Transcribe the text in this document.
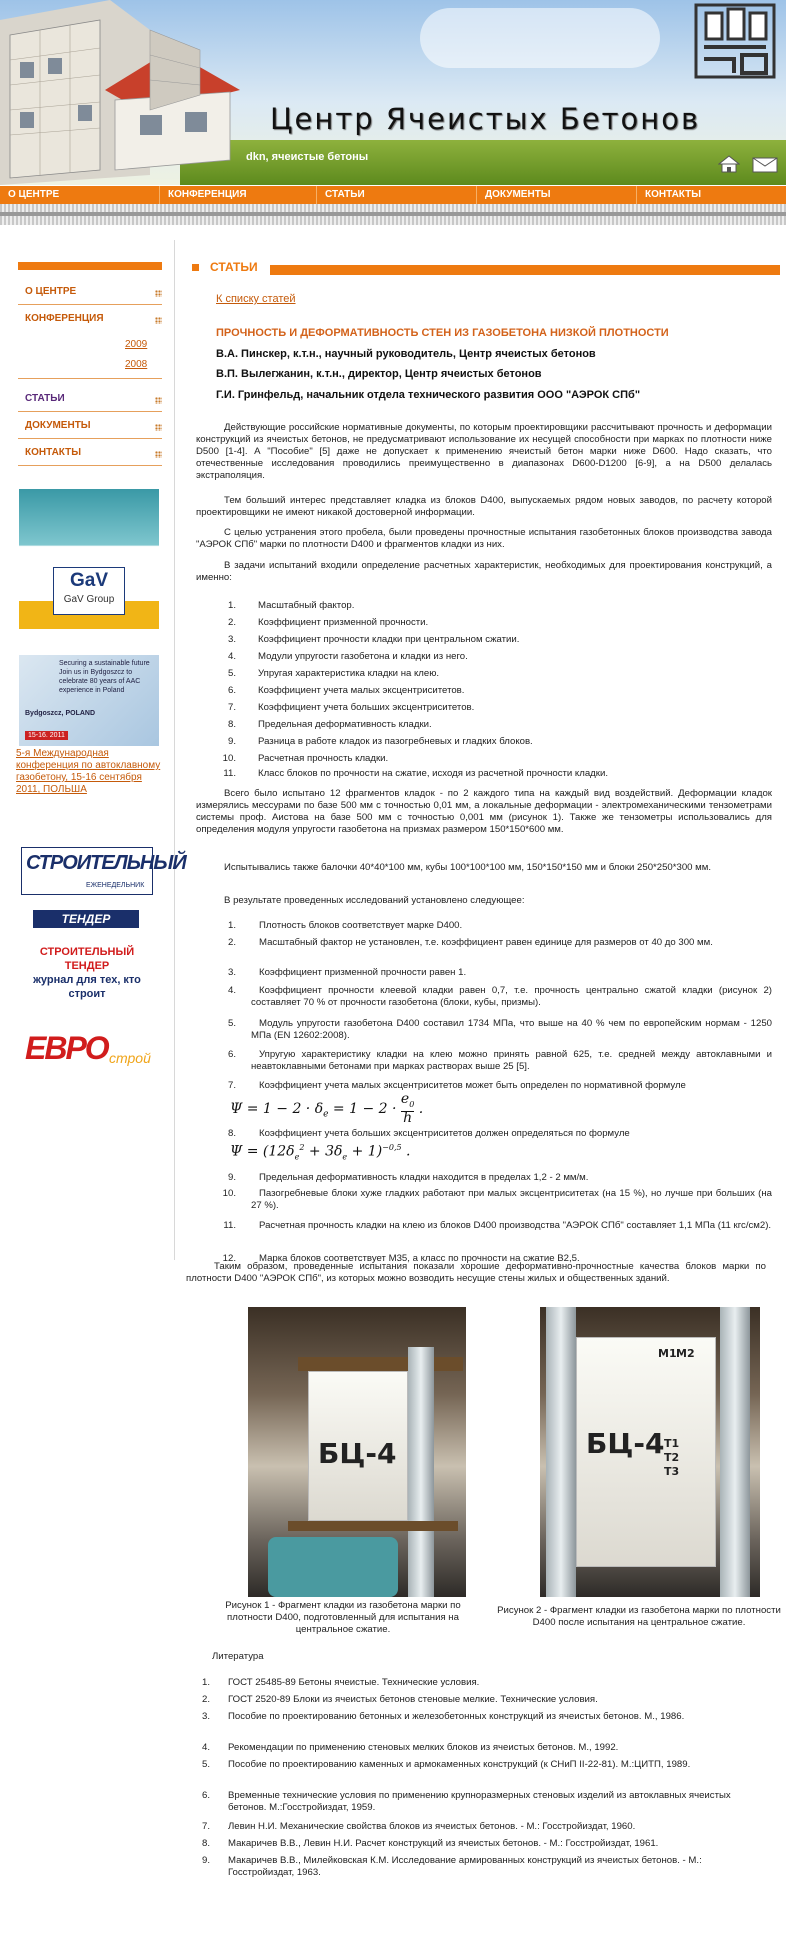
Центр Ячеистых Бетонов
dkn, ячеистые бетоны
О ЦЕНТРЕ	КОНФЕРЕНЦИЯ	СТАТЬИ	ДОКУМЕНТЫ	КОНТАКТЫ
О ЦЕНТРЕ
КОНФЕРЕНЦИЯ
2009
2008
СТАТЬИ
ДОКУМЕНТЫ
КОНТАКТЫ
GaV
GaV Group
Securing a sustainable future Join us in Bydgoszcz to celebrate 80 years of AAC experience in Poland
Bydgoszcz, POLAND
15-16. 2011
5-я Международная конференция по автоклавному газобетону, 15-16 сентября 2011, ПОЛЬША
СТРОИТЕЛЬНЫЙ
ЕЖЕНЕДЕЛЬНИК
ТЕНДЕР
СТРОИТЕЛЬНЫЙ ТЕНДЕР
журнал для тех, кто строит
ЕВРО строй
СТАТЬИ
К списку статей
ПРОЧНОСТЬ И ДЕФОРМАТИВНОСТЬ СТЕН ИЗ ГАЗОБЕТОНА НИЗКОЙ ПЛОТНОСТИ
В.А. Пинскер, к.т.н., научный руководитель, Центр ячеистых бетонов
В.П. Вылегжанин, к.т.н., директор, Центр ячеистых бетонов
Г.И. Гринфельд, начальник отдела технического развития ООО "АЭРОК СПб"
Действующие российские нормативные документы, по которым проектировщики рассчитывают прочность и деформации конструкций из ячеистых бетонов, не предусматривают использование их несущей способности при марках по плотности ниже D500 [1-4]. А "Пособие" [5] даже не допускает к применению ячеистый бетон марки ниже D600. Надо сказать, что отечественные исследования проводились преимущественно в диапазонах D600-D1200 [6-9], а на D500 делалась экстраполяция.
Тем больший интерес представляет кладка из блоков D400, выпускаемых рядом новых заводов, по расчету которой проектировщики не имеют никакой достоверной информации.
С целью устранения этого пробела, были проведены прочностные испытания газобетонных блоков производства завода "АЭРОК СПб" марки по плотности D400 и фрагментов кладки из них.
В задачи испытаний входили определение расчетных характеристик, необходимых для проектирования конструкций, а именно:
1. Масштабный фактор.
2. Коэффициент призменной прочности.
3. Коэффициент прочности кладки при центральном сжатии.
4. Модули упругости газобетона и кладки из него.
5. Упругая характеристика кладки на клею.
6. Коэффициент учета малых эксцентриситетов.
7. Коэффициент учета больших эксцентриситетов.
8. Предельная деформативность кладки.
9. Разница в работе кладок из пазогребневых и гладких блоков.
10. Расчетная прочность кладки.
11. Класс блоков по прочности на сжатие, исходя из расчетной прочности кладки.
Всего было испытано 12 фрагментов кладок - по 2 каждого типа на каждый вид воздействий. Деформации кладок измерялись мессурами по базе 500 мм с точностью 0,01 мм, а локальные деформации - электромеханическими тензометрами системы проф. Аистова на базе 500 мм с точностью 0,001 мм (рисунок 1). Также же тензометры использовались для определения модуля упругости газобетона на призмах размером 150*150*600 мм.
Испытывались также балочки 40*40*100 мм, кубы 100*100*100 мм, 150*150*150 мм и блоки 250*250*300 мм.
В результате проведенных исследований установлено следующее:
1.	Плотность блоков соответствует марке D400.
2.	Масштабный фактор не установлен, т.е. коэффициент равен единице для размеров от 40 до 300 мм.
3.	Коэффициент призменной прочности равен 1.
4.	Коэффициент прочности клеевой кладки равен 0,7, т.е. прочность центрально сжатой кладки (рисунок 2) составляет 70 % от прочности газобетона (блоки, кубы, призмы).
5.	Модуль упругости газобетона D400 составил 1734 МПа, что выше на 40 % чем по европейским нормам - 1250 МПа (EN 12602:2008).
6.	Упругую характеристику кладки на клею можно принять равной 625, т.е. средней между автоклавными и неавтоклавными бетонами при марках растворах выше 25 [5].
7.	Коэффициент учета малых эксцентриситетов может быть определен по нормативной формуле
$\Psi = 1 - 2 \cdot \delta_e = 1 - 2 \cdot \frac{e_0}{h}$ .
8.	Коэффициент учета больших эксцентриситетов должен определяться по формуле
$\Psi = (12\delta_e^2 + 3\delta_e + 1)^{-0,5}$ .
9.	Предельная деформативность кладки находится в пределах 1,2 - 2 мм/м.
10.	Пазогребневые блоки хуже гладких работают при малых эксцентриситетах (на 15 %), но лучше при больших (на 27 %).
11.	Расчетная прочность кладки на клею из блоков D400 производства "АЭРОК СПб" составляет 1,1 МПа (11 кгс/см2).
12.	Марка блоков соответствует М35, а класс по прочности на сжатие В2,5.
Таким образом, проведенные испытания показали хорошие деформативно-прочностные качества блоков марки по плотности D400 "АЭРОК СПб", из которых можно возводить несущие стены жилых и общественных зданий.
БЦ-4	БЦ-4
М1 М2
Т1
Т2
Т3
Рисунок 1 - Фрагмент кладки из газобетона марки по плотности D400, подготовленный для испытания на центральное сжатие.
Рисунок 2 - Фрагмент кладки из газобетона марки по плотности D400 после испытания на центральное сжатие.
Литература
1. ГОСТ 25485-89 Бетоны ячеистые. Технические условия.
2. ГОСТ 2520-89 Блоки из ячеистых бетонов стеновые мелкие. Технические условия.
3. Пособие по проектированию бетонных и железобетонных конструкций из ячеистых бетонов. М., 1986.
4. Рекомендации по применению стеновых мелких блоков из ячеистых бетонов. М., 1992.
5. Пособие по проектированию каменных и армокаменных конструкций (к СНиП II-22-81). М.:ЦИТП, 1989.
6. Временные технические условия по применению крупноразмерных стеновых изделий из автоклавных ячеистых бетонов. М.:Госстройиздат, 1959.
7. Левин Н.И. Механические свойства блоков из ячеистых бетонов. - М.: Госстройиздат, 1960.
8. Макаричев В.В., Левин Н.И. Расчет конструкций из ячеистых бетонов. - М.: Госстройиздат, 1961.
9. Макаричев В.В., Милейковская К.М. Исследование армированных конструкций из ячеистых бетонов. - М.: Госстройиздат, 1963.
